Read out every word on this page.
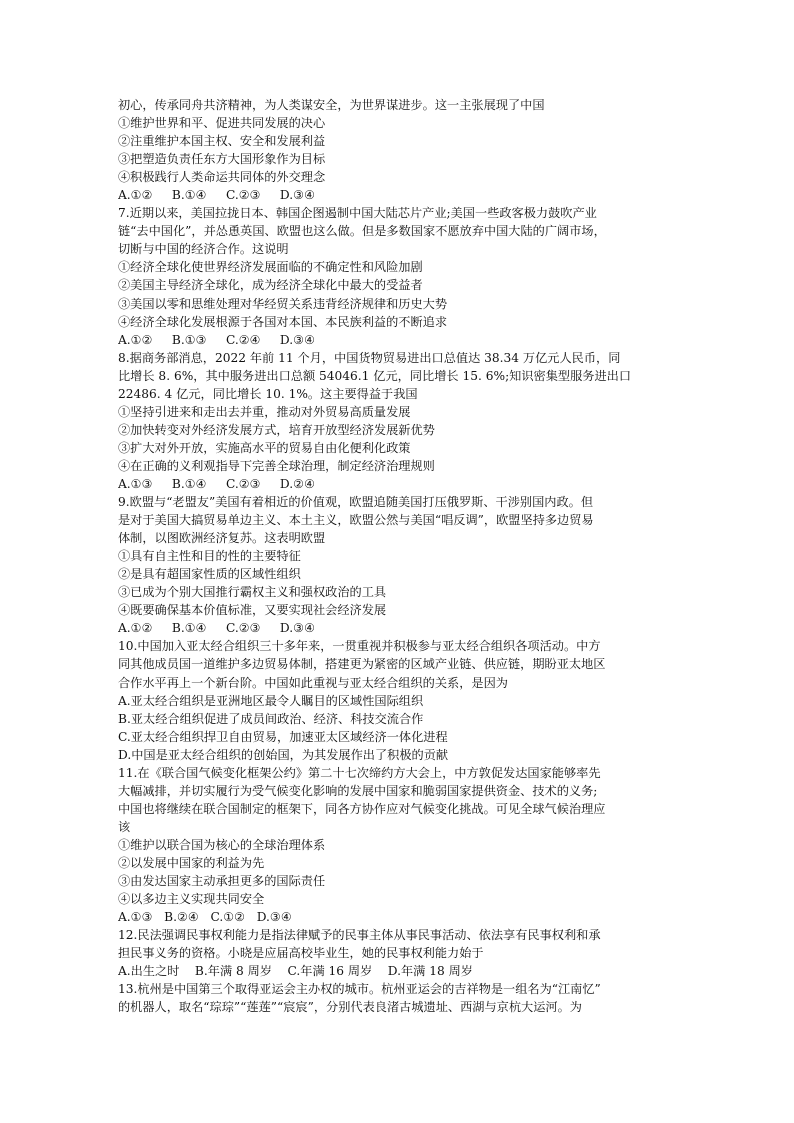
初心，传承同舟共济精神，为人类谋安全，为世界谋进步。这一主张展现了中国
①维护世界和平、促进共同发展的决心
②注重维护本国主权、安全和发展利益
③把塑造负责任东方大国形象作为目标
④积极践行人类命运共同体的外交理念
A.①②     B.①④     C.②③     D.③④
7.近期以来，美国拉拢日本、韩国企图遏制中国大陆芯片产业;美国一些政客极力鼓吹产业
链“去中国化”，并怂恿英国、欧盟也这么做。但是多数国家不愿放弃中国大陆的广阔市场，
切断与中国的经济合作。这说明
①经济全球化使世界经济发展面临的不确定性和风险加剧
②美国主导经济全球化，成为经济全球化中最大的受益者
③美国以零和思维处理对华经贸关系违背经济规律和历史大势
④经济全球化发展根源于各国对本国、本民族利益的不断追求
A.①②     B.①③     C.②④     D.③④
8.据商务部消息，2022 年前 11 个月，中国货物贸易进出口总值达 38.34 万亿元人民币，同
比增长 8. 6%，其中服务进出口总额 54046.1 亿元，同比增长 15. 6%;知识密集型服务进出口
22486. 4 亿元，同比增长 10. 1%。这主要得益于我国
①坚持引进来和走出去并重，推动对外贸易高质量发展
②加快转变对外经济发展方式，培育开放型经济发展新优势
③扩大对外开放，实施高水平的贸易自由化便利化政策
④在正确的义利观指导下完善全球治理，制定经济治理规则
A.①③     B.①④     C.②③     D.②④
9.欧盟与“老盟友”美国有着相近的价值观，欧盟追随美国打压俄罗斯、干涉别国内政。但
是对于美国大搞贸易单边主义、本土主义，欧盟公然与美国“唱反调”，欧盟坚持多边贸易
体制，以图欧洲经济复苏。这表明欧盟
①具有自主性和目的性的主要特征
②是具有超国家性质的区域性组织
③已成为个别大国推行霸权主义和强权政治的工具
④既要确保基本价值标准，又要实现社会经济发展
A.①②     B.①④     C.②③     D.③④
10.中国加入亚太经合组织三十多年来，一贯重视并积极参与亚太经合组织各项活动。中方
同其他成员国一道维护多边贸易体制，搭建更为紧密的区域产业链、供应链，期盼亚太地区
合作水平再上一个新台阶。中国如此重视与亚太经合组织的关系，是因为
A.亚太经合组织是亚洲地区最令人瞩目的区域性国际组织
B.亚太经合组织促进了成员间政治、经济、科技交流合作
C.亚太经合组织捍卫自由贸易，加速亚太区域经济一体化进程
D.中国是亚太经合组织的创始国，为其发展作出了积极的贡献
11.在《联合国气候变化框架公约》第二十七次缔约方大会上，中方敦促发达国家能够率先
大幅减排，并切实履行为受气候变化影响的发展中国家和脆弱国家提供资金、技术的义务;
中国也将继续在联合国制定的框架下，同各方协作应对气候变化挑战。可见全球气候治理应
该
①维护以联合国为核心的全球治理体系
②以发展中国家的利益为先
③由发达国家主动承担更多的国际责任
④以多边主义实现共同安全
A.①③   B.②④   C.①②   D.③④
12.民法强调民事权利能力是指法律赋予的民事主体从事民事活动、依法享有民事权利和承
担民事义务的资格。小晓是应届高校毕业生，她的民事权利能力始于
A.出生之时    B.年满 8 周岁    C.年满 16 周岁    D.年满 18 周岁
13.杭州是中国第三个取得亚运会主办权的城市。杭州亚运会的吉祥物是一组名为“江南忆”
的机器人，取名“琮琮”“莲莲”“宸宸”，分别代表良渚古城遗址、西湖与京杭大运河。为
